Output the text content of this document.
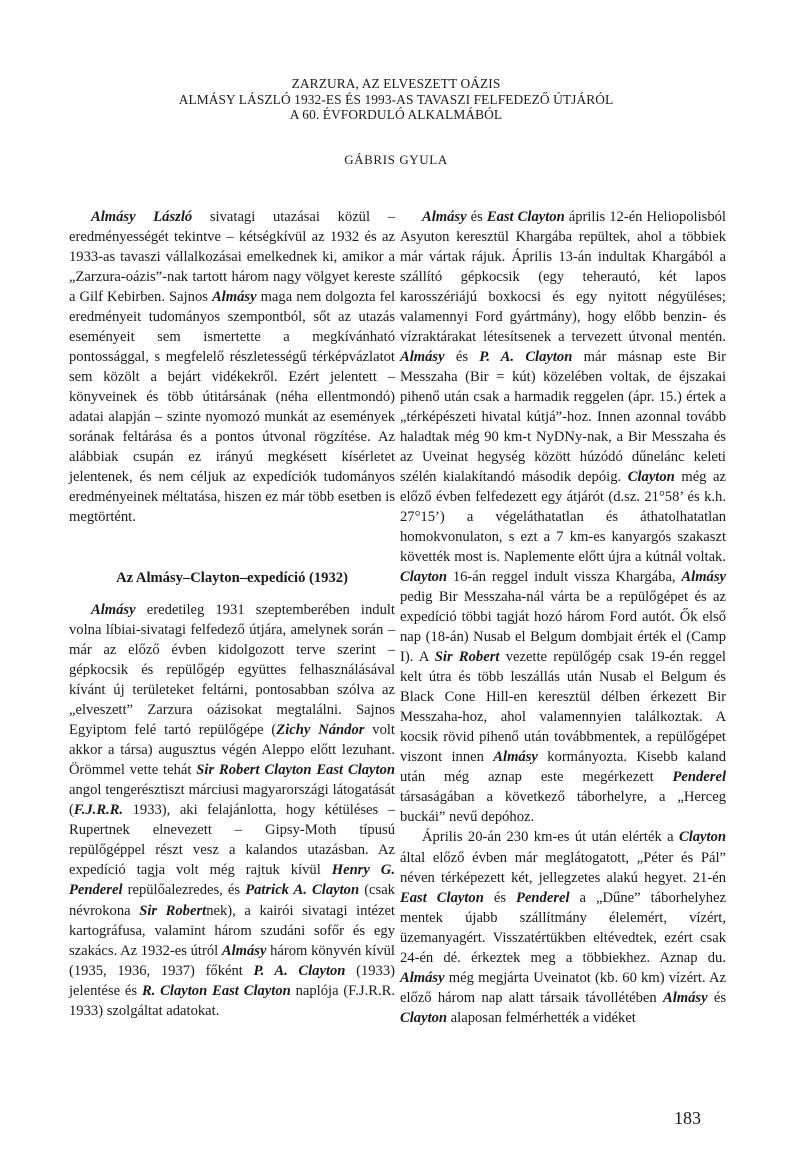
ZARZURA, AZ ELVESZETT OÁZIS
ALMÁSY LÁSZLÓ 1932-ES ÉS 1993-AS TAVASZI FELFEDEZŐ ÚTJÁRÓL
A 60. ÉVFORDULÓ ALKALMÁBÓL
GÁBRIS GYULA

Almásy László sivatagi utazásai közül – eredményességét tekintve – kétségkívül az 1932 és az 1933-as tavaszi vállalkozásai emelkednek ki, amikor a „Zarzura-oázis”-nak tartott három nagy völgyet kereste a Gilf Kebirben. Sajnos Almásy maga nem dolgozta fel eredményeit tudományos szempontból, sőt az utazás eseményeit sem ismertette a megkívánható pontossággal, s megfelelő részletességű térképvázlatot sem közölt a bejárt vidékekről. Ezért jelentett – könyveinek és több útitársának (néha ellentmondó) adatai alapján – szinte nyomozó munkát az események sorának feltárása és a pontos útvonal rögzítése. Az alábbiak csupán ez irányú megkésett kísérletet jelentenek, és nem céljuk az expedíciók tudományos eredményeinek méltatása, hiszen ez már több esetben is megtörtént.

Az Almásy–Clayton–expedíció (1932)

Almásy eredetileg 1931 szeptemberében indult volna líbiai-sivatagi felfedező útjára, amelynek során – már az előző évben kidolgozott terve szerint – gépkocsik és repülőgép együttes felhasználásával kívánt új területeket feltárni, pontosabban szólva az „elveszett” Zarzura oázisokat megtalálni. Sajnos Egyiptom felé tartó repülőgépe (Zichy Nándor volt akkor a társa) augusztus végén Aleppo előtt lezuhant. Örömmel vette tehát Sir Robert Clayton East Clayton angol tengerésztiszt márciusi magyarországi látogatását (F.J.R.R. 1933), aki felajánlotta, hogy kétüléses – Rupertnek elnevezett – Gipsy-Moth típusú repülőgéppel részt vesz a kalandos utazásban. Az expedíció tagja volt még rajtuk kívül Henry G. Penderel repülőalezredes, és Patrick A. Clayton (csak névrokona Sir Robertnek), a kairói sivatagi intézet kartográfusa, valamint három szudáni sofőr és egy szakács. Az 1932-es útról Almásy három könyvén kívül (1935, 1936, 1937) főként P. A. Clayton (1933) jelentése és R. Clayton East Clayton naplója (F.J.R.R. 1933) szolgáltat adatokat.

Almásy és East Clayton április 12-én Heliopolisból Asyuton keresztül Khargába repültek, ahol a többiek már vártak rájuk. Április 13-án indultak Khargából a szállító gépkocsik (egy teherautó, két lapos karosszériájú boxkocsi és egy nyitott négyüléses; valamennyi Ford gyártmány), hogy előbb benzin- és vízraktárakat létesítsenek a tervezett útvonal mentén. Almásy és P. A. Clayton már másnap este Bir Messzaha (Bir = kút) közelében voltak, de éjszakai pihenő után csak a harmadik reggelen (ápr. 15.) értek a „térképészeti hivatal kútjá”-hoz. Innen azonnal tovább haladtak még 90 km-t NyDNy-nak, a Bir Messzaha és az Uveinat hegység között húzódó dűnelánc keleti szélén kialakítandó második depóig. Clayton még az előző évben felfedezett egy átjárót (d.sz. 21°58’ és k.h. 27°15’) a végeláthatatlan és áthatolhatatlan homokvonulaton, s ezt a 7 km-es kanyargós szakaszt követték most is. Naplemente előtt újra a kútnál voltak. Clayton 16-án reggel indult vissza Khargába, Almásy pedig Bir Messzaha-nál várta be a repülőgépet és az expedíció többi tagját hozó három Ford autót. Ők első nap (18-án) Nusab el Belgum dombjait érték el (Camp I). A Sir Robert vezette repülőgép csak 19-én reggel kelt útra és több leszállás után Nusab el Belgum és Black Cone Hill-en keresztül délben érkezett Bir Messzaha-hoz, ahol valamennyien találkoztak. A kocsik rövid pihenő után továbbmentek, a repülőgépet viszont innen Almásy kormányozta. Kisebb kaland után még aznap este megérkezett Penderel társaságában a következő táborhelyre, a „Herceg buckái” nevű depóhoz.

Április 20-án 230 km-es út után elérték a Clayton által előző évben már meglátogatott, „Péter és Pál” néven térképezett két, jellegzetes alakú hegyet. 21-én East Clayton és Penderel a „Dűne” táborhelyhez mentek újabb szállítmány élelemért, vízért, üzemanyagért. Visszatértükben eltévedtek, ezért csak 24-én dé. érkeztek meg a többiekhez. Aznap du. Almásy még megjárta Uveinatot (kb. 60 km) vízért. Az előző három nap alatt társaik távollétében Almásy és Clayton alaposan felmérhették a vidéket

183
